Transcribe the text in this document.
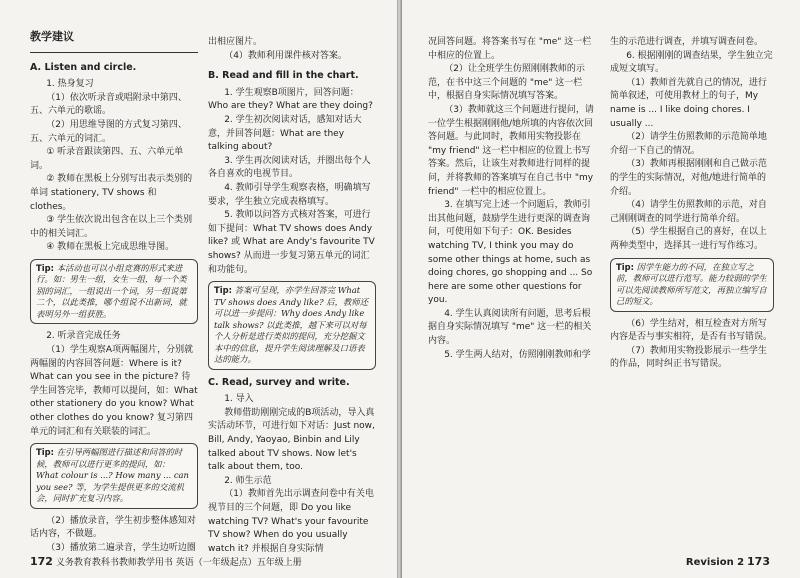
教学建议
A. Listen and circle.

1. 热身复习

（1）依次听录音或唱附录中第四、五、六单元的歌谣。

（2）用思维导图的方式复习第四、五、六单元的词汇。

① 听录音跟读第四、五、六单元单词。

② 教师在黑板上分别写出表示类别的单词 stationery, TV shows 和 clothes。

③ 学生依次说出包含在以上三个类别中的相关词汇。

④ 教师在黑板上完成思维导图。

Tip: 本活动也可以小组竞赛的形式来进行。如：男生一组，女生一组，每一个类别的词汇，一组说出一个词，另一组说第二个，以此类推，哪个组说不出新词，就表明另外一组获胜。

2. 听录音完成任务

（1）学生观察A项两幅图片，分别就两幅图的内容回答问题：Where is it? What can you see in the picture? 待学生回答完毕，教师可以提问，如：What other stationery do you know? What other clothes do you know? 复习第四单元的词汇和有关联装的词汇。

Tip: 在引导两幅图进行描述和问答的时候，教师可以进行更多的提问，如：What colour is ...? How many ... can you see? 等，为学生提供更多的交流机会，同时扩充复习内容。

（2）播放录音，学生初步整体感知对话内容，不做题。

（3）播放第二遍录音，学生边听边圈

出相应图片。

（4）教师利用课件核对答案。

B. Read and fill in the chart.

1. 学生观察B项图片，回答问题：Who are they? What are they doing?

2. 学生初次阅读对话，感知对话大意，并回答问题：What are they talking about?

3. 学生再次阅读对话，并圈出每个人各自喜欢的电视节目。

4. 教师引导学生观察表格，明确填写要求，学生独立完成表格填写。

5. 教师以问答方式核对答案，可进行如下提问：What TV shows does Andy like? 或 What are Andy's favourite TV shows? 从而进一步复习第五单元的词汇和功能句。

Tip: 答案可呈现，亦学生回答完 What TV shows does Andy like? 后，教师还可以进一步提问：Why does Andy like talk shows? 以此类推，越下来可以对每个人分析是进行类似的提问，充分挖掘文本中的信息，提升学生阅读理解及口语表达的能力。
C. Read, survey and write.

1. 导入

教师借助刚刚完成的B项活动，导入真实活动环节，可进行如下对话：Just now, Bill, Andy, Yaoyao, Binbin and Lily talked about TV shows. Now let's talk about them, too.

2. 师生示范

（1）教师首先出示调查问卷中有关电视节目的三个问题，即 Do you like watching TV? What's your favourite TV show? When do you usually watch it? 并根据自身实际情

172 义务教育教科书教师教学用书 英语（一年级起点）五年级上册

况回答问题。将答案书写在 "me" 这一栏中相应的位置上。

（2）让全班学生仿照刚刚教师的示范，在书中这三个问题的 "me" 这一栏中，根据自身实际情况填写答案。

（3）教师就这三个问题进行提问，请一位学生根据刚刚他/她所填的内容依次回答问题。与此同时，教师用实物投影在 "my friend" 这一栏中相应的位置上书写答案。然后，让该生对教师进行同样的提问，并将教师的答案填写在自己书中 "my friend" 一栏中的相应位置上。

3. 在填写完上述一个问题后，教师引出其他问题，鼓励学生进行更深的调查询问，可使用如下句子：OK. Besides watching TV, I think you may do some other things at home, such as doing chores, go shopping and ... So here are some other questions for you.

4. 学生认真阅读所有问题，思考后根据自身实际情况填写 "me" 这一栏的相关内容。

5. 学生两人结对，仿照刚刚教师和学

生的示范进行调查，并填写调查问卷。

6. 根据刚刚的调查结果，学生独立完成短文填写。

（1）教师首先就自己的情况，进行简单叙述，可使用教材上的句子，My name is ... I like doing chores. I usually ...

（2）请学生仿照教师的示范简单地介绍一下自己的情况。

（3）教师再根据刚刚和自己做示范的学生的实际情况，对他/她进行简单的介绍。

（4）请学生仿照教师的示范，对自己刚刚调查的同学进行简单介绍。

（5）学生根据自己的喜好，在以上两种类型中，选择其一进行写作练习。

Tip: 因学生能力的不同，在独立写之前，教师可以进行范写。能力较弱的学生可以先阅读教师所写范文，再独立编写自己的短文。

（6）学生结对，相互检查对方所写内容是否与事实相符，是否有书写错误。

（7）教师用实物投影展示一些学生的作品，同时纠正书写错误。

Revision 2 173
